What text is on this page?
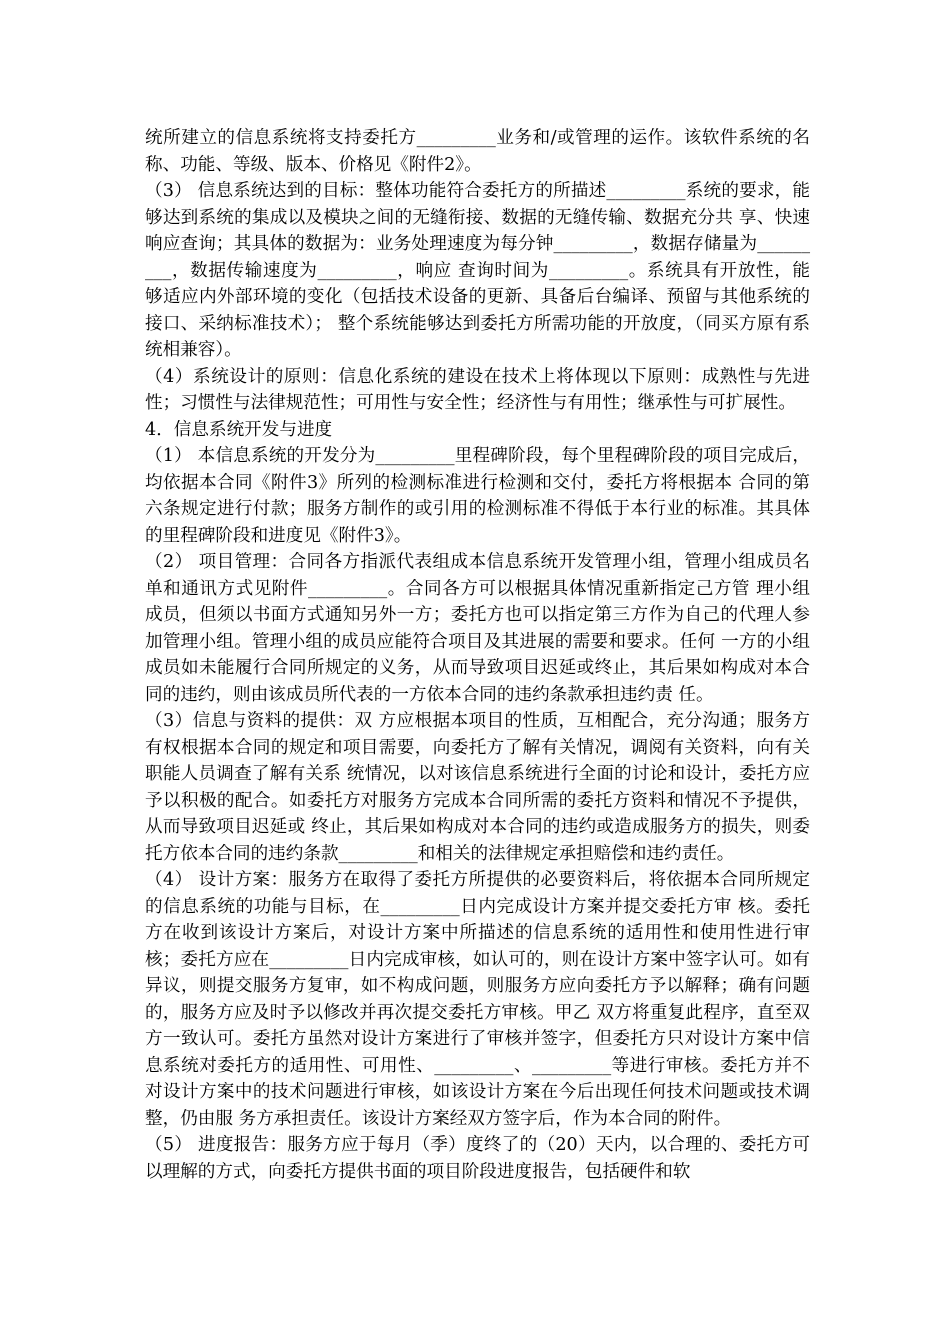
统所建立的信息系统将支持委托方_________业务和/或管理的运作。该软件系统的名称、功能、等级、版本、价格见《附件2》。

（3） 信息系统达到的目标：整体功能符合委托方的所描述_________系统的要求，能够达到系统的集成以及模块之间的无缝衔接、数据的无缝传输、数据充分共 享、快速响应查询；其具体的数据为：业务处理速度为每分钟_________，数据存储量为_________，数据传输速度为_________，响应 查询时间为_________。系统具有开放性，能够适应内外部环境的变化（包括技术设备的更新、具备后台编译、预留与其他系统的接口、采纳标准技术）； 整个系统能够达到委托方所需功能的开放度，（同买方原有系统相兼容）。

（4）系统设计的原则：信息化系统的建设在技术上将体现以下原则：成熟性与先进性；习惯性与法律规范性；可用性与安全性；经济性与有用性；继承性与可扩展性。

4．信息系统开发与进度

（1） 本信息系统的开发分为_________里程碑阶段，每个里程碑阶段的项目完成后，均依据本合同《附件3》所列的检测标准进行检测和交付，委托方将根据本 合同的第六条规定进行付款；服务方制作的或引用的检测标准不得低于本行业的标准。其具体的里程碑阶段和进度见《附件3》。

（2） 项目管理：合同各方指派代表组成本信息系统开发管理小组，管理小组成员名单和通讯方式见附件_________。合同各方可以根据具体情况重新指定己方管 理小组成员，但须以书面方式通知另外一方；委托方也可以指定第三方作为自己的代理人参加管理小组。管理小组的成员应能符合项目及其进展的需要和要求。任何 一方的小组成员如未能履行合同所规定的义务，从而导致项目迟延或终止，其后果如构成对本合同的违约，则由该成员所代表的一方依本合同的违约条款承担违约责 任。

（3）信息与资料的提供：双 方应根据本项目的性质，互相配合，充分沟通；服务方有权根据本合同的规定和项目需要，向委托方了解有关情况，调阅有关资料，向有关职能人员调查了解有关系 统情况，以对该信息系统进行全面的讨论和设计，委托方应予以积极的配合。如委托方对服务方完成本合同所需的委托方资料和情况不予提供，从而导致项目迟延或 终止，其后果如构成对本合同的违约或造成服务方的损失，则委托方依本合同的违约条款_________和相关的法律规定承担赔偿和违约责任。

（4） 设计方案：服务方在取得了委托方所提供的必要资料后，将依据本合同所规定的信息系统的功能与目标，在_________日内完成设计方案并提交委托方审 核。委托方在收到该设计方案后，对设计方案中所描述的信息系统的适用性和使用性进行审核；委托方应在_________日内完成审核，如认可的，则在设计方案中签字认可。如有异议，则提交服务方复审，如不构成问题，则服务方应向委托方予以解释；确有问题的，服务方应及时予以修改并再次提交委托方审核。甲乙 双方将重复此程序，直至双方一致认可。委托方虽然对设计方案进行了审核并签字，但委托方只对设计方案中信息系统对委托方的适用性、可用性、_________、_________等进行审核。委托方并不对设计方案中的技术问题进行审核，如该设计方案在今后出现任何技术问题或技术调整，仍由服 务方承担责任。该设计方案经双方签字后，作为本合同的附件。

（5） 进度报告：服务方应于每月（季）度终了的（20）天内，以合理的、委托方可以理解的方式，向委托方提供书面的项目阶段进度报告，包括硬件和软
